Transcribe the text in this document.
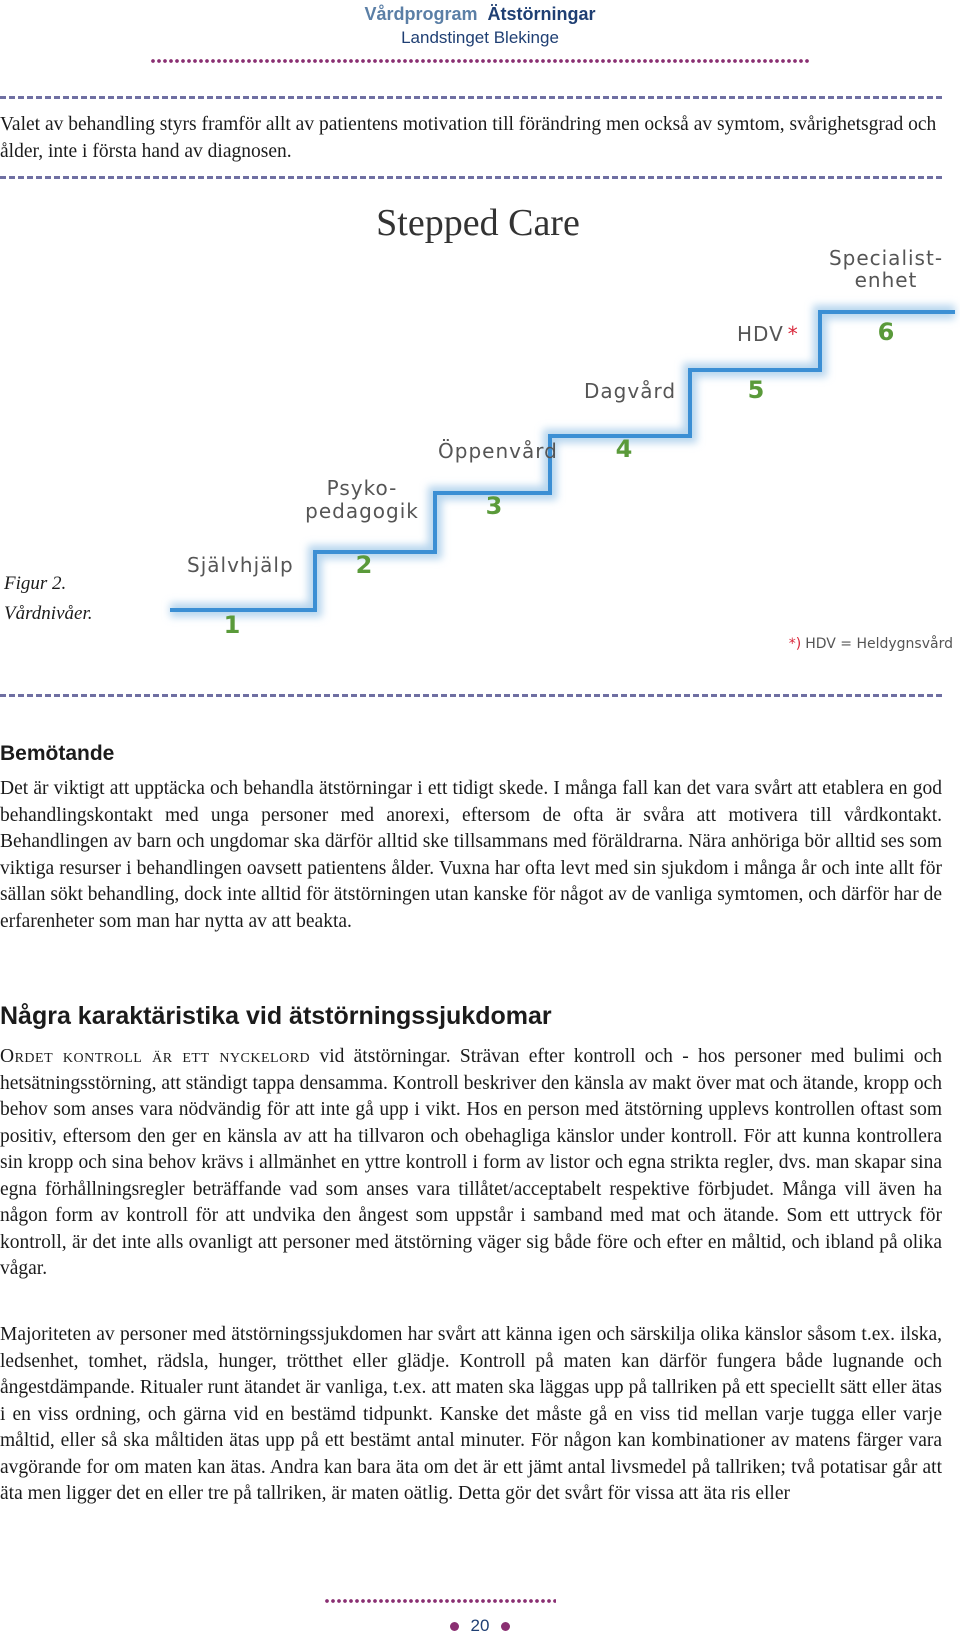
Vårdprogram Ätstörningar
Landstinget Blekinge

Valet av behandling styrs framför allt av patientens motivation till förändring men också av symtom, svårighetsgrad och ålder, inte i första hand av diagnosen.

Figur 2.
Vårdnivåer.
Stepped Care
Självhjälp
1
Psyko-
pedagogik
2
Öppenvård
3
Dagvård
4
HDV *
5
Specialist-
enhet
6
*) HDV = Heldygnsvård
Bemötande

Det är viktigt att upptäcka och behandla ätstörningar i ett tidigt skede. I många fall kan det vara svårt att etablera en god behandlingskontakt med unga personer med anorexi, eftersom de ofta är svåra att motivera till vårdkontakt. Behandlingen av barn och ungdomar ska därför alltid ske tillsammans med föräldrarna. Nära anhöriga bör alltid ses som viktiga resurser i behandlingen oavsett patientens ålder. Vuxna har ofta levt med sin sjukdom i många år och inte allt för sällan sökt behandling, dock inte alltid för ätstörningen utan kanske för något av de vanliga symtomen, och därför har de erfarenheter som man har nytta av att beakta.

Några karaktäristika vid ätstörningssjukdomar

Ordet kontroll är ett nyckelord vid ätstörningar. Strävan efter kontroll och - hos personer med bulimi och hetsätningsstörning, att ständigt tappa densamma. Kontroll beskriver den känsla av makt över mat och ätande, kropp och behov som anses vara nödvändig för att inte gå upp i vikt. Hos en person med ätstörning upplevs kontrollen oftast som positiv, eftersom den ger en känsla av att ha tillvaron och obehagliga känslor under kontroll. För att kunna kontrollera sin kropp och sina behov krävs i allmänhet en yttre kontroll i form av listor och egna strikta regler, dvs. man skapar sina egna förhållningsregler beträffande vad som anses vara tillåtet/acceptabelt respektive förbjudet. Många vill även ha någon form av kontroll för att undvika den ångest som uppstår i samband med mat och ätande. Som ett uttryck för kontroll, är det inte alls ovanligt att personer med ätstörning väger sig både före och efter en måltid, och ibland på olika vågar.

Majoriteten av personer med ätstörningssjukdomen har svårt att känna igen och särskilja olika känslor såsom t.ex. ilska, ledsenhet, tomhet, rädsla, hunger, trötthet eller glädje. Kontroll på maten kan därför fungera både lugnande och ångestdämpande. Ritualer runt ätandet är vanliga, t.ex. att maten ska läggas upp på tallriken på ett speciellt sätt eller ätas i en viss ordning, och gärna vid en bestämd tidpunkt. Kanske det måste gå en viss tid mellan varje tugga eller varje måltid, eller så ska måltiden ätas upp på ett bestämt antal minuter. För någon kan kombinationer av matens färger vara avgörande for om maten kan ätas. Andra kan bara äta om det är ett jämt antal livsmedel på tallriken; två potatisar går att äta men ligger det en eller tre på tallriken, är maten oätlig. Detta gör det svårt för vissa att äta ris eller

20
